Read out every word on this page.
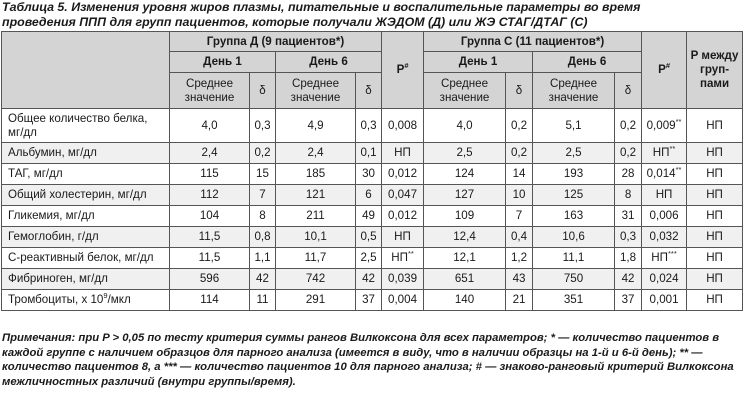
Таблица 5. Изменения уровня жиров плазмы, питательные и воспалительные параметры во время
проведения ППП для групп пациентов, которые получали ЖЭДОМ (Д) или ЖЭ СТАГ/ДТАГ (С)
	Группа Д (9 пациентов*)				P#	Группа С (11 пациентов*)				P#	P между груп-пами
	День 1		День 6			День 1		День 6			
	Среднее значение	δ	Среднее значение	δ		Среднее значение	δ	Среднее значение	δ		
Общее количество белка, мг/дл	4,0	0,3	4,9	0,3	0,008	4,0	0,2	5,1	0,2	0,009**	НП
Альбумин, мг/дл	2,4	0,2	2,4	0,1	НП	2,5	0,2	2,5	0,2	НП**	НП
ТАГ, мг/дл	115	15	185	30	0,012	124	14	193	28	0,014**	НП
Общий холестерин, мг/дл	112	7	121	6	0,047	127	10	125	8	НП	НП
Гликемия, мг/дл	104	8	211	49	0,012	109	7	163	31	0,006	НП
Гемоглобин, г/дл	11,5	0,8	10,1	0,5	НП	12,4	0,4	10,6	0,3	0,032	НП
С-реактивный белок, мг/дл	11,5	1,1	11,7	2,5	НП**	12,1	1,2	11,1	1,8	НП***	НП
Фибриноген, мг/дл	596	42	742	42	0,039	651	43	750	42	0,024	НП
Тромбоциты, x $10^9$/мкл	114	11	291	37	0,004	140	21	351	37	0,001	НП
Примечания: при P > 0,05 по тесту критерия суммы рангов Вилкоксона для всех параметров; * — количество пациентов в каждой группе с наличием образцов для парного анализа (имеется в виду, что в наличии образцы на 1-й и 6-й день); ** — количество пациентов 8, а *** — количество пациентов 10 для парного анализа; # — знаково-ранговый критерий Вилкоксона межличностных различий (внутри группы/время).
